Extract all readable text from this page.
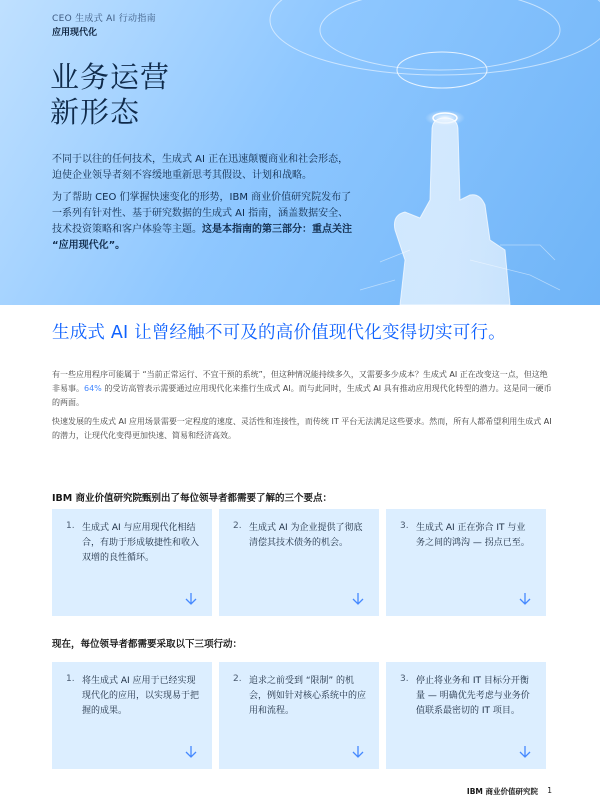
CEO 生成式 AI 行动指南
应用现代化
业务运营
新形态

不同于以往的任何技术，生成式 AI 正在迅速颠覆商业和社会形态，迫使企业领导者刻不容缓地重新思考其假设、计划和战略。

为了帮助 CEO 们掌握快速变化的形势，IBM 商业价值研究院发布了一系列有针对性、基于研究数据的生成式 AI 指南，涵盖数据安全、技术投资策略和客户体验等主题。这是本指南的第三部分：重点关注 “应用现代化”。

生成式 AI 让曾经触不可及的高价值现代化变得切实可行。

有一些应用程序可能属于 “当前正常运行、不宜干预的系统”，但这种情况能持续多久，又需要多少成本？生成式 AI 正在改变这一点，但这绝非易事。64% 的受访高管表示需要通过应用现代化来推行生成式 AI。而与此同时，生成式 AI 具有推动应用现代化转型的潜力。这是同一硬币的两面。

快速发展的生成式 AI 应用场景需要一定程度的速度、灵活性和连接性，而传统 IT 平台无法满足这些要求。然而，所有人都希望利用生成式 AI 的潜力，让现代化变得更加快速、简易和经济高效。

IBM 商业价值研究院甄别出了每位领导者都需要了解的三个要点：
1. 生成式 AI 与应用现代化相结合，有助于形成敏捷性和收入双增的良性循环。
2. 生成式 AI 为企业提供了彻底清偿其技术债务的机会。
3. 生成式 AI 正在弥合 IT 与业务之间的鸿沟 — 拐点已至。
现在，每位领导者都需要采取以下三项行动：
1. 将生成式 AI 应用于已经实现现代化的应用，以实现易于把握的成果。
2. 追求之前受到 “限制” 的机会，例如针对核心系统中的应用和流程。
3. 停止将业务和 IT 目标分开衡量 — 明确优先考虑与业务价值联系最密切的 IT 项目。
IBM 商业价值研究院 1
